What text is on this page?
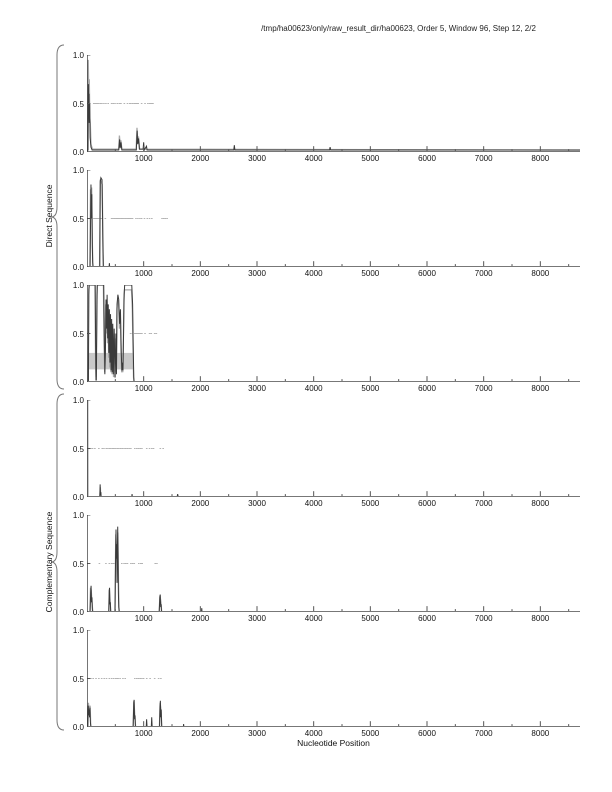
/tmp/ha00623/only/raw_result_dir/ha00623, Order 5, Window 96, Step 12, 2/2
Direct Sequence
Complementary Sequence
1.0
0.5
0.0
1000	2000	3000	4000	5000	6000	7000	8000
1.0
0.5
0.0
1000	2000	3000	4000	5000	6000	7000	8000
1.0
0.5
0.0
1000	2000	3000	4000	5000	6000	7000	8000
1.0
0.5
0.0
1000	2000	3000	4000	5000	6000	7000	8000
1.0
0.5
0.0
1000	2000	3000	4000	5000	6000	7000	8000
1.0
0.5
0.0
1000	2000	3000	4000	5000	6000	7000	8000
Nucleotide Position
